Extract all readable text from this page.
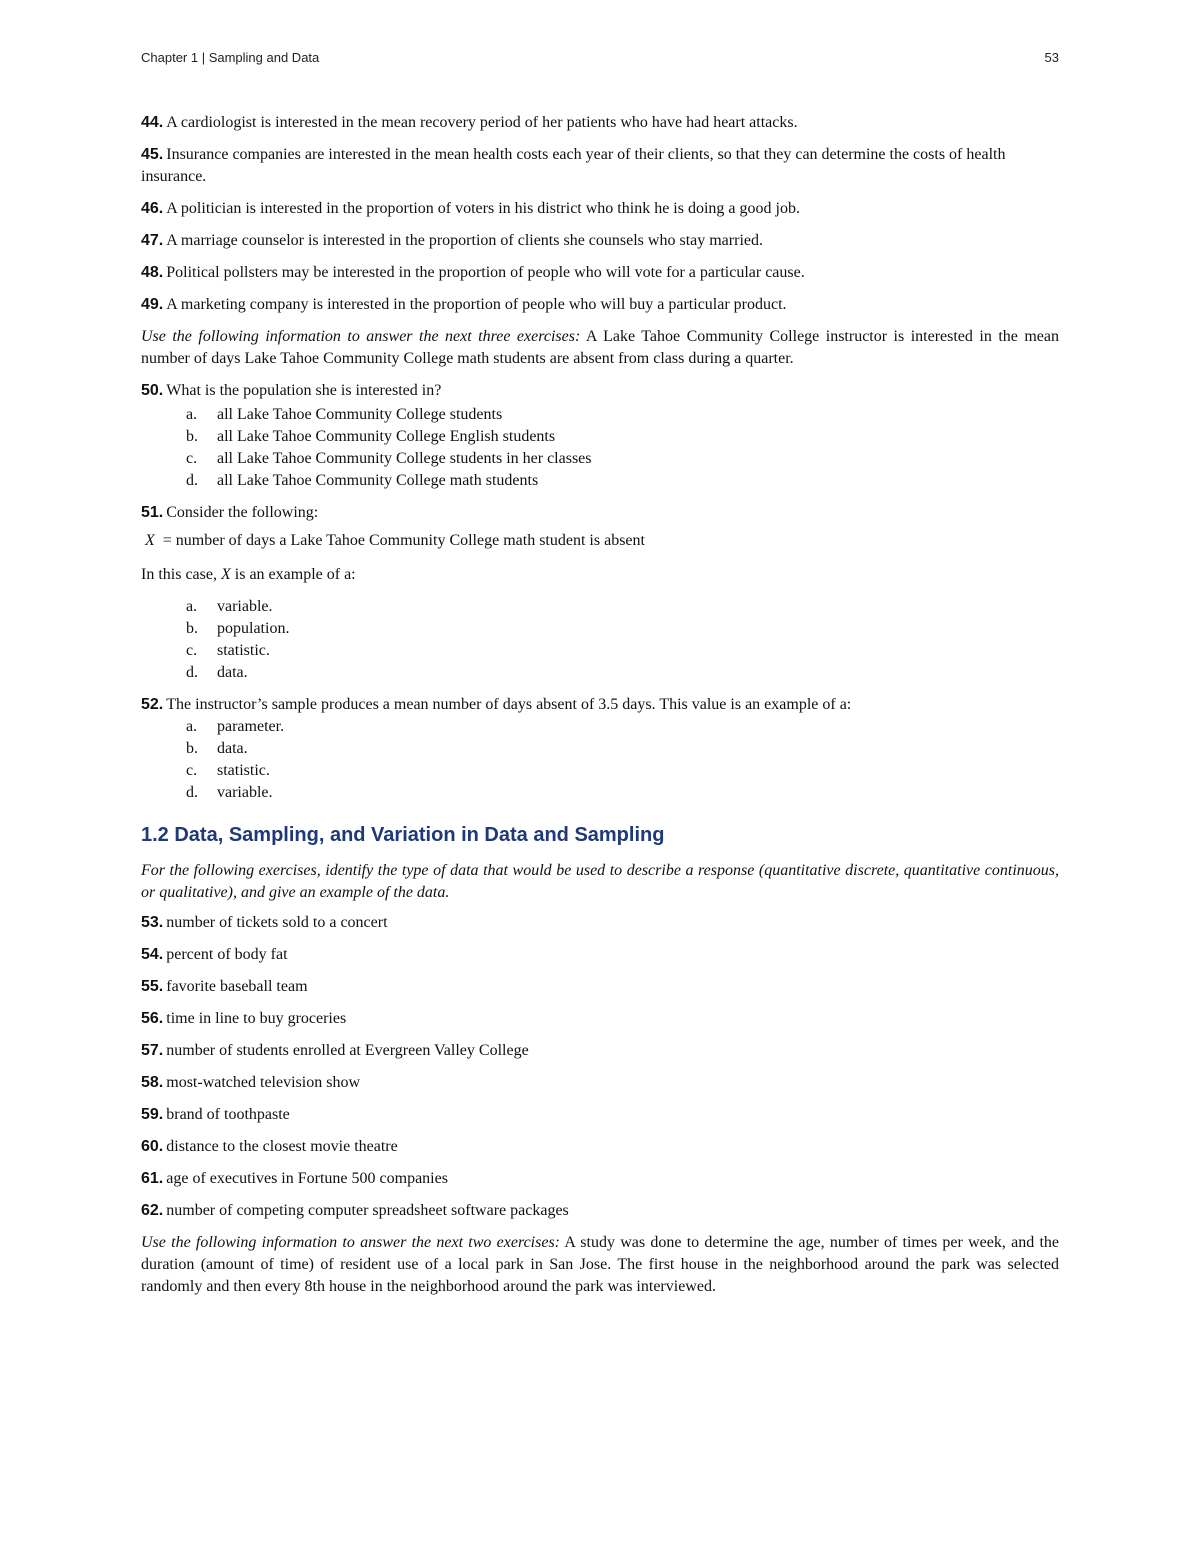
Chapter 1 | Sampling and Data	53
44. A cardiologist is interested in the mean recovery period of her patients who have had heart attacks.
45. Insurance companies are interested in the mean health costs each year of their clients, so that they can determine the costs of health insurance.
46. A politician is interested in the proportion of voters in his district who think he is doing a good job.
47. A marriage counselor is interested in the proportion of clients she counsels who stay married.
48. Political pollsters may be interested in the proportion of people who will vote for a particular cause.
49. A marketing company is interested in the proportion of people who will buy a particular product.

Use the following information to answer the next three exercises: A Lake Tahoe Community College instructor is interested in the mean number of days Lake Tahoe Community College math students are absent from class during a quarter.

50. What is the population she is interested in?
a.	all Lake Tahoe Community College students
b.	all Lake Tahoe Community College English students
c.	all Lake Tahoe Community College students in her classes
d.	all Lake Tahoe Community College math students
51. Consider the following:
X = number of days a Lake Tahoe Community College math student is absent
In this case, X is an example of a:
a.	variable.
b.	population.
c.	statistic.
d.	data.
52. The instructor’s sample produces a mean number of days absent of 3.5 days. This value is an example of a:
a.	parameter.
b.	data.
c.	statistic.
d.	variable.
1.2 Data, Sampling, and Variation in Data and Sampling

For the following exercises, identify the type of data that would be used to describe a response (quantitative discrete, quantitative continuous, or qualitative), and give an example of the data.

53. number of tickets sold to a concert
54. percent of body fat
55. favorite baseball team
56. time in line to buy groceries
57. number of students enrolled at Evergreen Valley College
58. most-watched television show
59. brand of toothpaste
60. distance to the closest movie theatre
61. age of executives in Fortune 500 companies
62. number of competing computer spreadsheet software packages

Use the following information to answer the next two exercises: A study was done to determine the age, number of times per week, and the duration (amount of time) of resident use of a local park in San Jose. The first house in the neighborhood around the park was selected randomly and then every 8th house in the neighborhood around the park was interviewed.
